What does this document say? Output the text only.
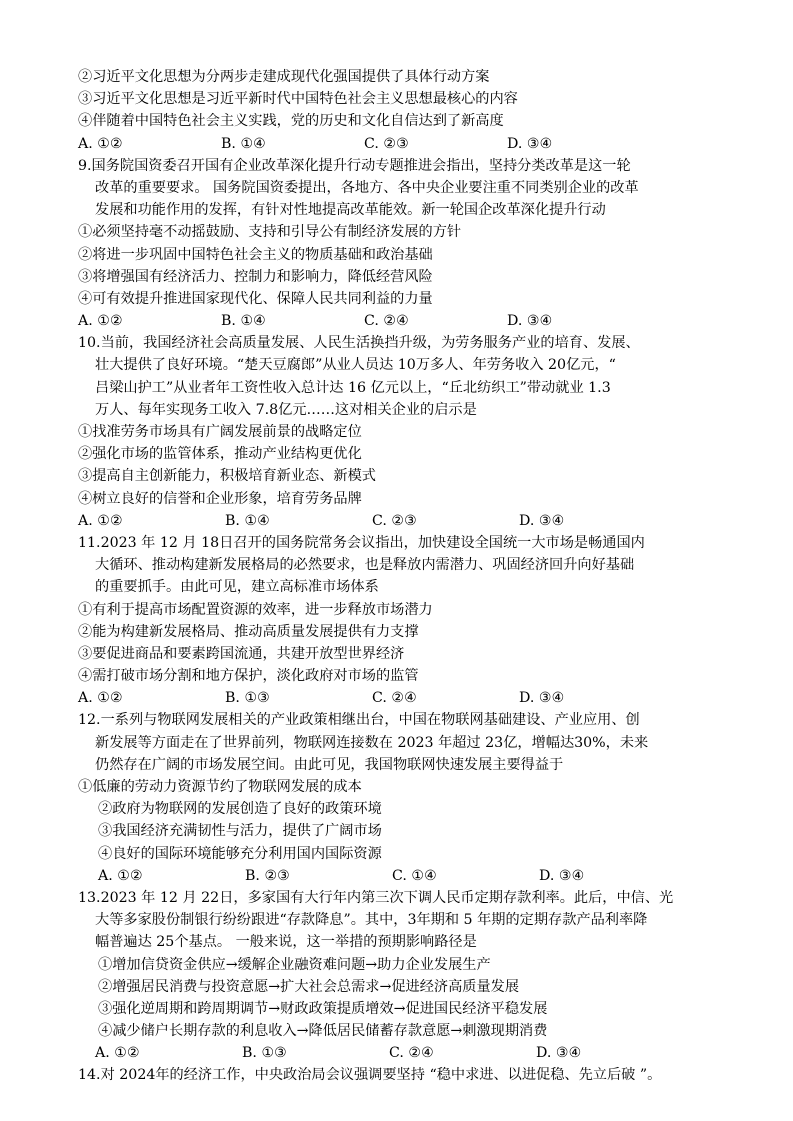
②习近平文化思想为分两步走建成现代化强国提供了具体行动方案
③习近平文化思想是习近平新时代中国特色社会主义思想最核心的内容
④伴随着中国特色社会主义实践，党的历史和文化自信达到了新高度
A. ①②	B. ①④	C. ②③	D. ③④
9.国务院国资委召开国有企业改革深化提升行动专题推进会指出，坚持分类改革是这一轮
改革的重要要求。 国务院国资委提出，各地方、各中央企业要注重不同类别企业的改革
发展和功能作用的发挥，有针对性地提高改革能效。新一轮国企改革深化提升行动
①必须坚持毫不动摇鼓励、支持和引导公有制经济发展的方针
②将进一步巩固中国特色社会主义的物质基础和政治基础
③将增强国有经济活力、控制力和影响力，降低经营风险
④可有效提升推进国家现代化、保障人民共同利益的力量
A. ①②	B. ①④	C. ②④	D. ③④
10.当前，我国经济社会高质量发展、人民生活换挡升级，为劳务服务产业的培育、发展、
壮大提供了良好环境。“楚天豆腐郎”从业人员达 10万多人、年劳务收入 20亿元，“
吕梁山护工”从业者年工资性收入总计达 16 亿元以上，“丘北纺织工”带动就业 1.3
万人、每年实现务工收入 7.8亿元……这对相关企业的启示是
①找准劳务市场具有广阔发展前景的战略定位
②强化市场的监管体系，推动产业结构更优化
③提高自主创新能力，积极培育新业态、新模式
④树立良好的信誉和企业形象，培育劳务品牌
A. ①②	B. ①④	C. ②③	D. ③④
11.2023 年 12 月 18日召开的国务院常务会议指出，加快建设全国统一大市场是畅通国内
大循环、推动构建新发展格局的必然要求，也是释放内需潜力、巩固经济回升向好基础
的重要抓手。由此可见，建立高标准市场体系
①有利于提高市场配置资源的效率，进一步释放市场潜力
②能为构建新发展格局、推动高质量发展提供有力支撑
③要促进商品和要素跨国流通，共建开放型世界经济
④需打破市场分割和地方保护，淡化政府对市场的监管
A. ①②	B. ①③	C. ②④	D. ③④
12.一系列与物联网发展相关的产业政策相继出台，中国在物联网基础建设、产业应用、创
新发展等方面走在了世界前列，物联网连接数在 2023 年超过 23亿，增幅达30%，未来
仍然存在广阔的市场发展空间。由此可见，我国物联网快速发展主要得益于
①低廉的劳动力资源节约了物联网发展的成本
②政府为物联网的发展创造了良好的政策环境
③我国经济充满韧性与活力，提供了广阔市场
④良好的国际环境能够充分利用国内国际资源
A. ①②	B. ②③	C. ①④	D. ③④
13.2023 年 12 月 22日，多家国有大行年内第三次下调人民币定期存款利率。此后，中信、光
大等多家股份制银行纷纷跟进“存款降息”。其中，3年期和 5 年期的定期存款产品利率降
幅普遍达 25个基点。 一般来说，这一举措的预期影响路径是
①增加信贷资金供应→缓解企业融资难问题→助力企业发展生产
②增强居民消费与投资意愿→扩大社会总需求→促进经济高质量发展
③强化逆周期和跨周期调节→财政政策提质增效→促进国民经济平稳发展
④减少储户长期存款的利息收入→降低居民储蓄存款意愿→刺激现期消费
A. ①②	B. ①③	C. ②④	D. ③④
14.对 2024年的经济工作，中央政治局会议强调要坚持 “稳中求进、以进促稳、先立后破 ”。
